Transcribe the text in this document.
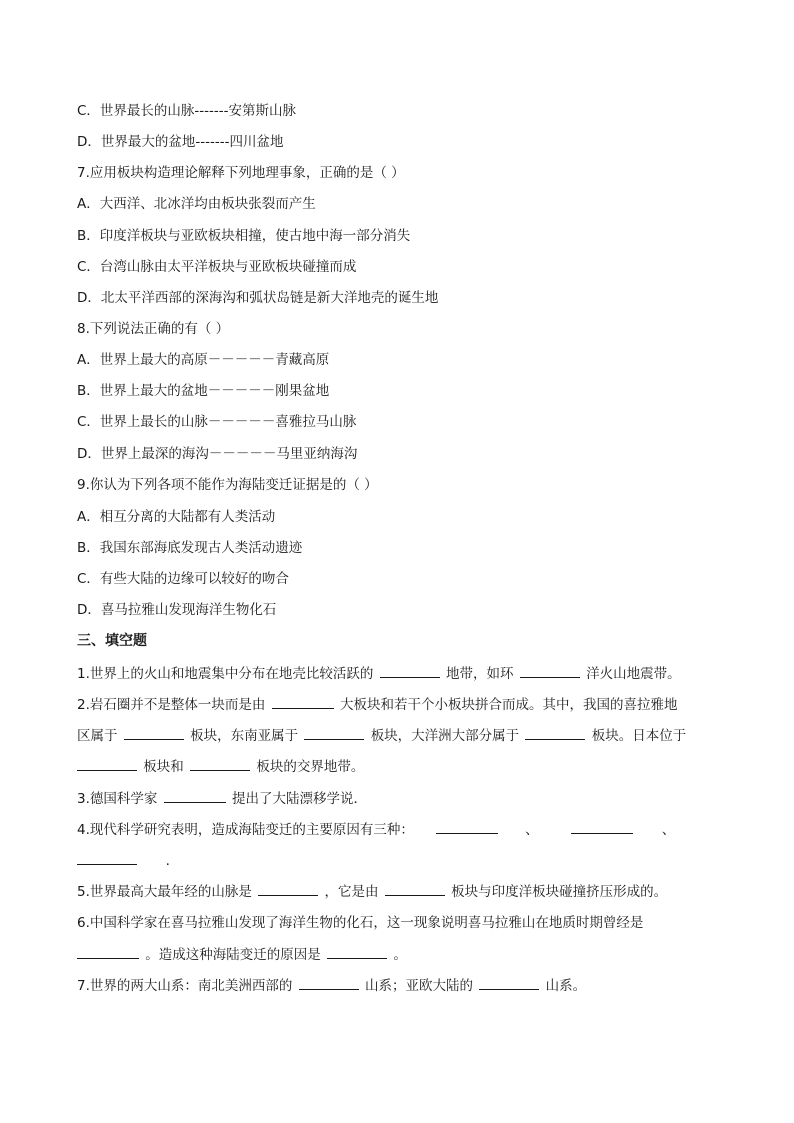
C．世界最长的山脉-------安第斯山脉
D．世界最大的盆地-------四川盆地
7.应用板块构造理论解释下列地理事象，正确的是（ ）
A．大西洋、北冰洋均由板块张裂而产生
B．印度洋板块与亚欧板块相撞，使古地中海一部分消失
C．台湾山脉由太平洋板块与亚欧板块碰撞而成
D．北太平洋西部的深海沟和弧状岛链是新大洋地壳的诞生地
8.下列说法正确的有（ ）
A．世界上最大的高原－－－－－青藏高原
B．世界上最大的盆地－－－－－刚果盆地
C．世界上最长的山脉－－－－－喜雅拉马山脉
D．世界上最深的海沟－－－－－马里亚纳海沟
9.你认为下列各项不能作为海陆变迁证据是的（ ）
A．相互分离的大陆都有人类活动
B．我国东部海底发现古人类活动遗迹
C．有些大陆的边缘可以较好的吻合
D．喜马拉雅山发现海洋生物化石
三、填空题
1.世界上的火山和地震集中分布在地壳比较活跃的	地带，如环	洋火山地震带。
2.岩石圈并不是整体一块而是由	大板块和若干个小板块拼合而成。其中，我国的喜拉雅地
区属于	板块，东南亚属于	板块，大洋洲大部分属于	板块。日本位于
板块和	板块的交界地带。
3.德国科学家	提出了大陆漂移学说．
4.现代科学研究表明，造成海陆变迁的主要原因有三种：	、	、
.
5.世界最高大最年经的山脉是	，它是由	板块与印度洋板块碰撞挤压形成的。
6.中国科学家在喜马拉雅山发现了海洋生物的化石，这一现象说明喜马拉雅山在地质时期曾经是
。造成这种海陆变迁的原因是	。
7.世界的两大山系：南北美洲西部的	山系；亚欧大陆的	山系。
